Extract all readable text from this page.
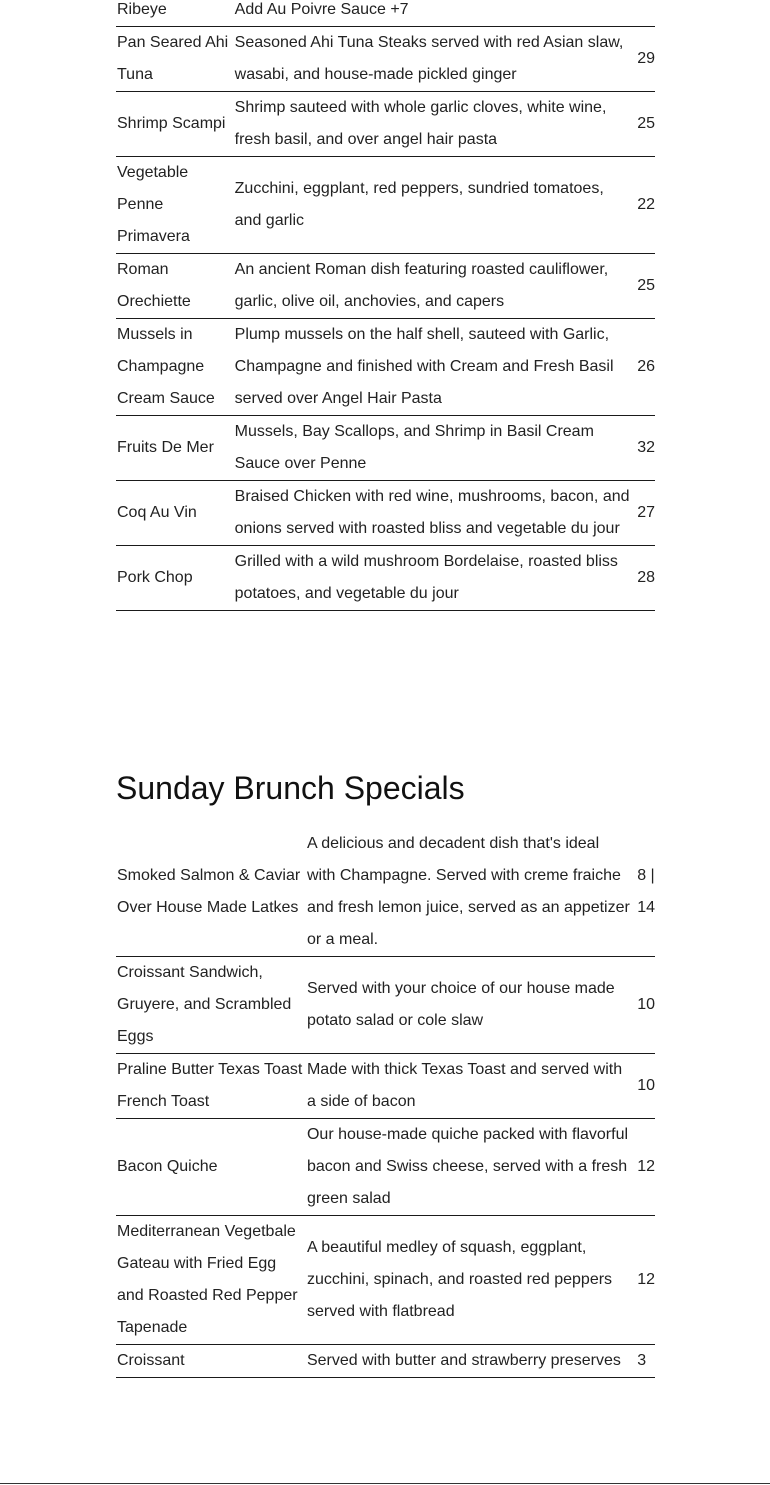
Ribeye	Add Au Poivre Sauce +7	
Pan Seared Ahi Tuna	Seasoned Ahi Tuna Steaks served with red Asian slaw, wasabi, and house-made pickled ginger	29
Shrimp Scampi	Shrimp sauteed with whole garlic cloves, white wine, fresh basil, and over angel hair pasta	25
Vegetable Penne Primavera	Zucchini, eggplant, red peppers, sundried tomatoes, and garlic	22
Roman Orechiette	An ancient Roman dish featuring roasted cauliflower, garlic, olive oil, anchovies, and capers	25
Mussels in Champagne Cream Sauce	Plump mussels on the half shell, sauteed with Garlic, Champagne and finished with Cream and Fresh Basil served over Angel Hair Pasta	26
Fruits De Mer	Mussels, Bay Scallops, and Shrimp in Basil Cream Sauce over Penne	32
Coq Au Vin	Braised Chicken with red wine, mushrooms, bacon, and onions served with roasted bliss and vegetable du jour	27
Pork Chop	Grilled with a wild mushroom Bordelaise, roasted bliss potatoes, and vegetable du jour	28
Sunday Brunch Specials
Smoked Salmon & Caviar Over House Made Latkes	A delicious and decadent dish that's ideal with Champagne. Served with creme fraiche and fresh lemon juice, served as an appetizer or a meal.	8 | 14
Croissant Sandwich, Gruyere, and Scrambled Eggs	Served with your choice of our house made potato salad or cole slaw	10
Praline Butter Texas Toast French Toast	Made with thick Texas Toast and served with a side of bacon	10
Bacon Quiche	Our house-made quiche packed with flavorful bacon and Swiss cheese, served with a fresh green salad	12
Mediterranean Vegetbale Gateau with Fried Egg and Roasted Red Pepper Tapenade	A beautiful medley of squash, eggplant, zucchini, spinach, and roasted red peppers served with flatbread	12
Croissant	Served with butter and strawberry preserves	3
